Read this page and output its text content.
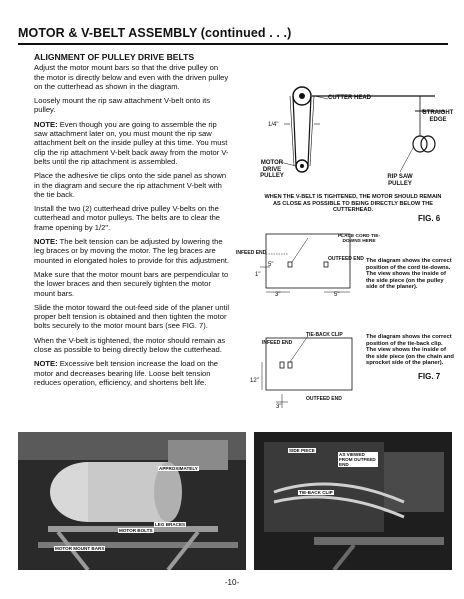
MOTOR & V-BELT ASSEMBLY (continued . . .)
ALIGNMENT OF PULLEY DRIVE BELTS

Adjust the motor mount bars so that the drive pulley on the motor is directly below and even with the driven pulley on the cutterhead as shown in the diagram.

Loosely mount the rip saw attachment V-belt onto its pulley.

NOTE: Even though you are going to assemble the rip saw attachment later on, you must mount the rip saw attachment belt on the inside pulley at this time. You must clip the rip attachment V-belt back away from the motor V-belts until the rip attachment is assembled.

Place the adhesive tie clips onto the side panel as shown in the diagram and secure the rip attachment V-belt with the tie back.

Install the two (2) cutterhead drive pulley V-belts on the cutterhead and motor pulleys. The belts are to clear the frame opening by 1/2".

NOTE: The belt tension can be adjusted by lowering the leg braces or by moving the motor. The leg braces are mounted in elongated holes to provide for this adjustment.

Make sure that the motor mount bars are perpendicular to the lower braces and then securely tighten the motor mount bars.

Slide the motor toward the out-feed side of the planer until proper belt tension is obtained and then tighten the motor bolts securely to the motor mount bars (see FIG. 7).

When the V-belt is tightened, the motor should remain as close as possible to being directly below the cutterhead.

NOTE: Excessive belt tension increase the load on the motor and decreases bearing life. Loose belt tension reduces operation, efficiency, and shortens belt life.

CUTTER HEAD
STRAIGHT EDGE
1/4"
MOTOR DRIVE PULLEY	RIP SAW PULLEY
WHEN THE V-BELT IS TIGHTENED, THE MOTOR SHOULD REMAIN AS CLOSE AS POSSIBLE TO BEING DIRECTLY BELOW THE CUTTERHEAD.
FIG. 6
PLACE CORD TIE-DOWNS HERE
INFEED END
OUTFEED END
5"
1"
3"	5"
The diagram shows the correct position of the cord tie-downs. The view shows the inside of the side piece (on the pulley side of the planer).
TIE-BACK CLIP
INFEED END
12"
OUTFEED END
3"
The diagram shows the correct position of the tie-back clip. The view shows the inside of the side piece (on the chain and sprocket side of the planer).
FIG. 7
APPROXIMATELY
MOTOR BOLTS
LEG BRACES
MOTOR MOUNT BARS
SIDE PIECE
AS VIEWED FROM OUTFEED END
TIE-BACK CLIP
-10-
